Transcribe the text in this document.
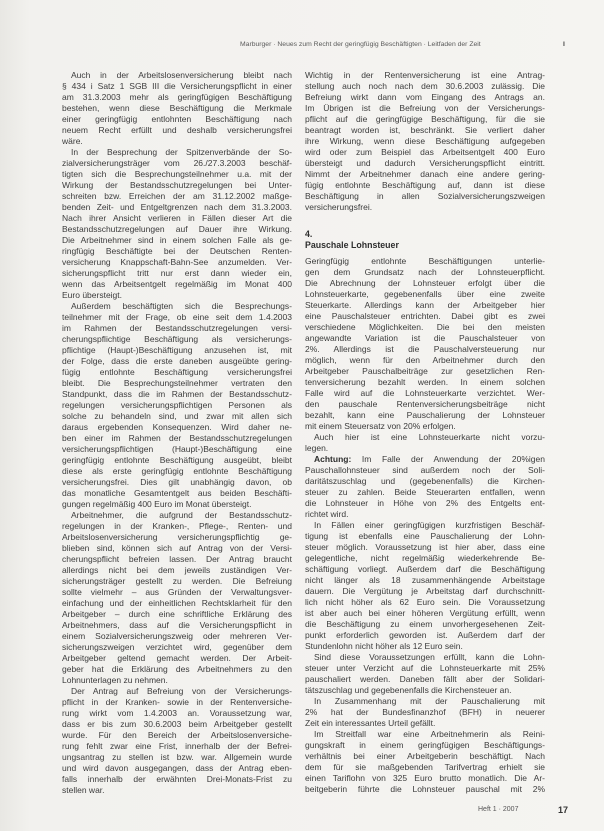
Marburger · Neues zum Recht der geringfügig Beschäftigten · Leitfaden der Zeit	I
Auch in der Arbeitslosenversicherung bleibt nach
§ 434 i Satz 1 SGB III die Versicherungspflicht in einer
am 31.3.2003 mehr als geringfügigen Beschäftigung
bestehen, wenn diese Beschäftigung die Merkmale
einer geringfügig entlohnten Beschäftigung nach
neuem Recht erfüllt und deshalb versicherungsfrei
wäre.
In der Besprechung der Spitzenverbände der So-
zialversicherungsträger vom 26./27.3.2003 beschäf-
tigten sich die Besprechungsteilnehmer u.a. mit der
Wirkung der Bestandsschutzregelungen bei Unter-
schreiten bzw. Erreichen der am 31.12.2002 maßge-
benden Zeit- und Entgeltgrenzen nach dem 31.3.2003.
Nach ihrer Ansicht verlieren in Fällen dieser Art die
Bestandsschutzregelungen auf Dauer ihre Wirkung.
Die Arbeitnehmer sind in einem solchen Falle als ge-
ringfügig Beschäftigte bei der Deutschen Renten-
versicherung Knappschaft-Bahn-See anzumelden. Ver-
sicherungspflicht tritt nur erst dann wieder ein,
wenn das Arbeitsentgelt regelmäßig im Monat 400
Euro übersteigt.
Außerdem beschäftigten sich die Besprechungs-
teilnehmer mit der Frage, ob eine seit dem 1.4.2003
im Rahmen der Bestandsschutzregelungen versi-
cherungspflichtige Beschäftigung als versicherungs-
pflichtige (Haupt-)Beschäftigung anzusehen ist, mit
der Folge, dass die erste daneben ausgeübte gering-
fügig entlohnte Beschäftigung versicherungsfrei
bleibt. Die Besprechungsteilnehmer vertraten den
Standpunkt, dass die im Rahmen der Bestandsschutz-
regelungen versicherungspflichtigen Personen als
solche zu behandeln sind, und zwar mit allen sich
daraus ergebenden Konsequenzen. Wird daher ne-
ben einer im Rahmen der Bestandsschutzregelungen
versicherungspflichtigen (Haupt-)Beschäftigung eine
geringfügig entlohnte Beschäftigung ausgeübt, bleibt
diese als erste geringfügig entlohnte Beschäftigung
versicherungsfrei. Dies gilt unabhängig davon, ob
das monatliche Gesamtentgelt aus beiden Beschäfti-
gungen regelmäßig 400 Euro im Monat übersteigt.
Arbeitnehmer, die aufgrund der Bestandsschutz-
regelungen in der Kranken-, Pflege-, Renten- und
Arbeitslosenversicherung versicherungspflichtig ge-
blieben sind, können sich auf Antrag von der Versi-
cherungspflicht befreien lassen. Der Antrag braucht
allerdings nicht bei dem jeweils zuständigen Ver-
sicherungsträger gestellt zu werden. Die Befreiung
sollte vielmehr – aus Gründen der Verwaltungsver-
einfachung und der einheitlichen Rechtsklarheit für den
Arbeitgeber – durch eine schriftliche Erklärung des
Arbeitnehmers, dass auf die Versicherungspflicht in
einem Sozialversicherungszweig oder mehreren Ver-
sicherungszweigen verzichtet wird, gegenüber dem
Arbeitgeber geltend gemacht werden. Der Arbeit-
geber hat die Erklärung des Arbeitnehmers zu den
Lohnunterlagen zu nehmen.
Der Antrag auf Befreiung von der Versicherungs-
pflicht in der Kranken- sowie in der Rentenversiche-
rung wirkt vom 1.4.2003 an. Voraussetzung war,
dass er bis zum 30.6.2003 beim Arbeitgeber gestellt
wurde. Für den Bereich der Arbeitslosenversiche-
rung fehlt zwar eine Frist, innerhalb der der Befrei-
ungsantrag zu stellen ist bzw. war. Allgemein wurde
und wird davon ausgegangen, dass der Antrag eben-
falls innerhalb der erwähnten Drei-Monats-Frist zu
stellen war.
Wichtig in der Rentenversicherung ist eine Antrag-
stellung auch noch nach dem 30.6.2003 zulässig. Die
Befreiung wirkt dann vom Eingang des Antrags an.
Im Übrigen ist die Befreiung von der Versicherungs-
pflicht auf die geringfügige Beschäftigung, für die sie
beantragt worden ist, beschränkt. Sie verliert daher
ihre Wirkung, wenn diese Beschäftigung aufgegeben
wird oder zum Beispiel das Arbeitsentgelt 400 Euro
übersteigt und dadurch Versicherungspflicht eintritt.
Nimmt der Arbeitnehmer danach eine andere gering-
fügig entlohnte Beschäftigung auf, dann ist diese
Beschäftigung in allen Sozialversicherungszweigen
versicherungsfrei.
4.
Pauschale Lohnsteuer
Geringfügig entlohnte Beschäftigungen unterlie-
gen dem Grundsatz nach der Lohnsteuerpflicht.
Die Abrechnung der Lohnsteuer erfolgt über die
Lohnsteuerkarte, gegebenenfalls über eine zweite
Steuerkarte. Allerdings kann der Arbeitgeber hier
eine Pauschalsteuer entrichten. Dabei gibt es zwei
verschiedene Möglichkeiten. Die bei den meisten
angewandte Variation ist die Pauschalsteuer von
2%. Allerdings ist die Pauschalversteuerung nur
möglich, wenn für den Arbeitnehmer durch den
Arbeitgeber Pauschalbeiträge zur gesetzlichen Ren-
tenversicherung bezahlt werden. In einem solchen
Falle wird auf die Lohnsteuerkarte verzichtet. Wer-
den pauschale Rentenversicherungsbeiträge nicht
bezahlt, kann eine Pauschalierung der Lohnsteuer
mit einem Steuersatz von 20% erfolgen.
Auch hier ist eine Lohnsteuerkarte nicht vorzu-
legen.
Achtung: Im Falle der Anwendung der 20%igen
Pauschallohnsteuer sind außerdem noch der Soli-
daritätszuschlag und (gegebenenfalls) die Kirchen-
steuer zu zahlen. Beide Steuerarten entfallen, wenn
die Lohnsteuer in Höhe von 2% des Entgelts ent-
richtet wird.
In Fällen einer geringfügigen kurzfristigen Beschäf-
tigung ist ebenfalls eine Pauschalierung der Lohn-
steuer möglich. Voraussetzung ist hier aber, dass eine
gelegentliche, nicht regelmäßig wiederkehrende Be-
schäftigung vorliegt. Außerdem darf die Beschäftigung
nicht länger als 18 zusammenhängende Arbeitstage
dauern. Die Vergütung je Arbeitstag darf durchschnitt-
lich nicht höher als 62 Euro sein. Die Voraussetzung
ist aber auch bei einer höheren Vergütung erfüllt, wenn
die Beschäftigung zu einem unvorhergesehenen Zeit-
punkt erforderlich geworden ist. Außerdem darf der
Stundenlohn nicht höher als 12 Euro sein.
Sind diese Voraussetzungen erfüllt, kann die Lohn-
steuer unter Verzicht auf die Lohnsteuerkarte mit 25%
pauschaliert werden. Daneben fällt aber der Solidari-
tätszuschlag und gegebenenfalls die Kirchensteuer an.
In Zusammenhang mit der Pauschalierung mit
2% hat der Bundesfinanzhof (BFH) in neuerer
Zeit ein interessantes Urteil gefällt.
Im Streitfall war eine Arbeitnehmerin als Reini-
gungskraft in einem geringfügigen Beschäftigungs-
verhältnis bei einer Arbeitgeberin beschäftigt. Nach
dem für sie maßgebenden Tarifvertrag erhielt sie
einen Tariflohn von 325 Euro brutto monatlich. Die Ar-
beitgeberin führte die Lohnsteuer pauschal mit 2%
Heft 1 · 2007	17
